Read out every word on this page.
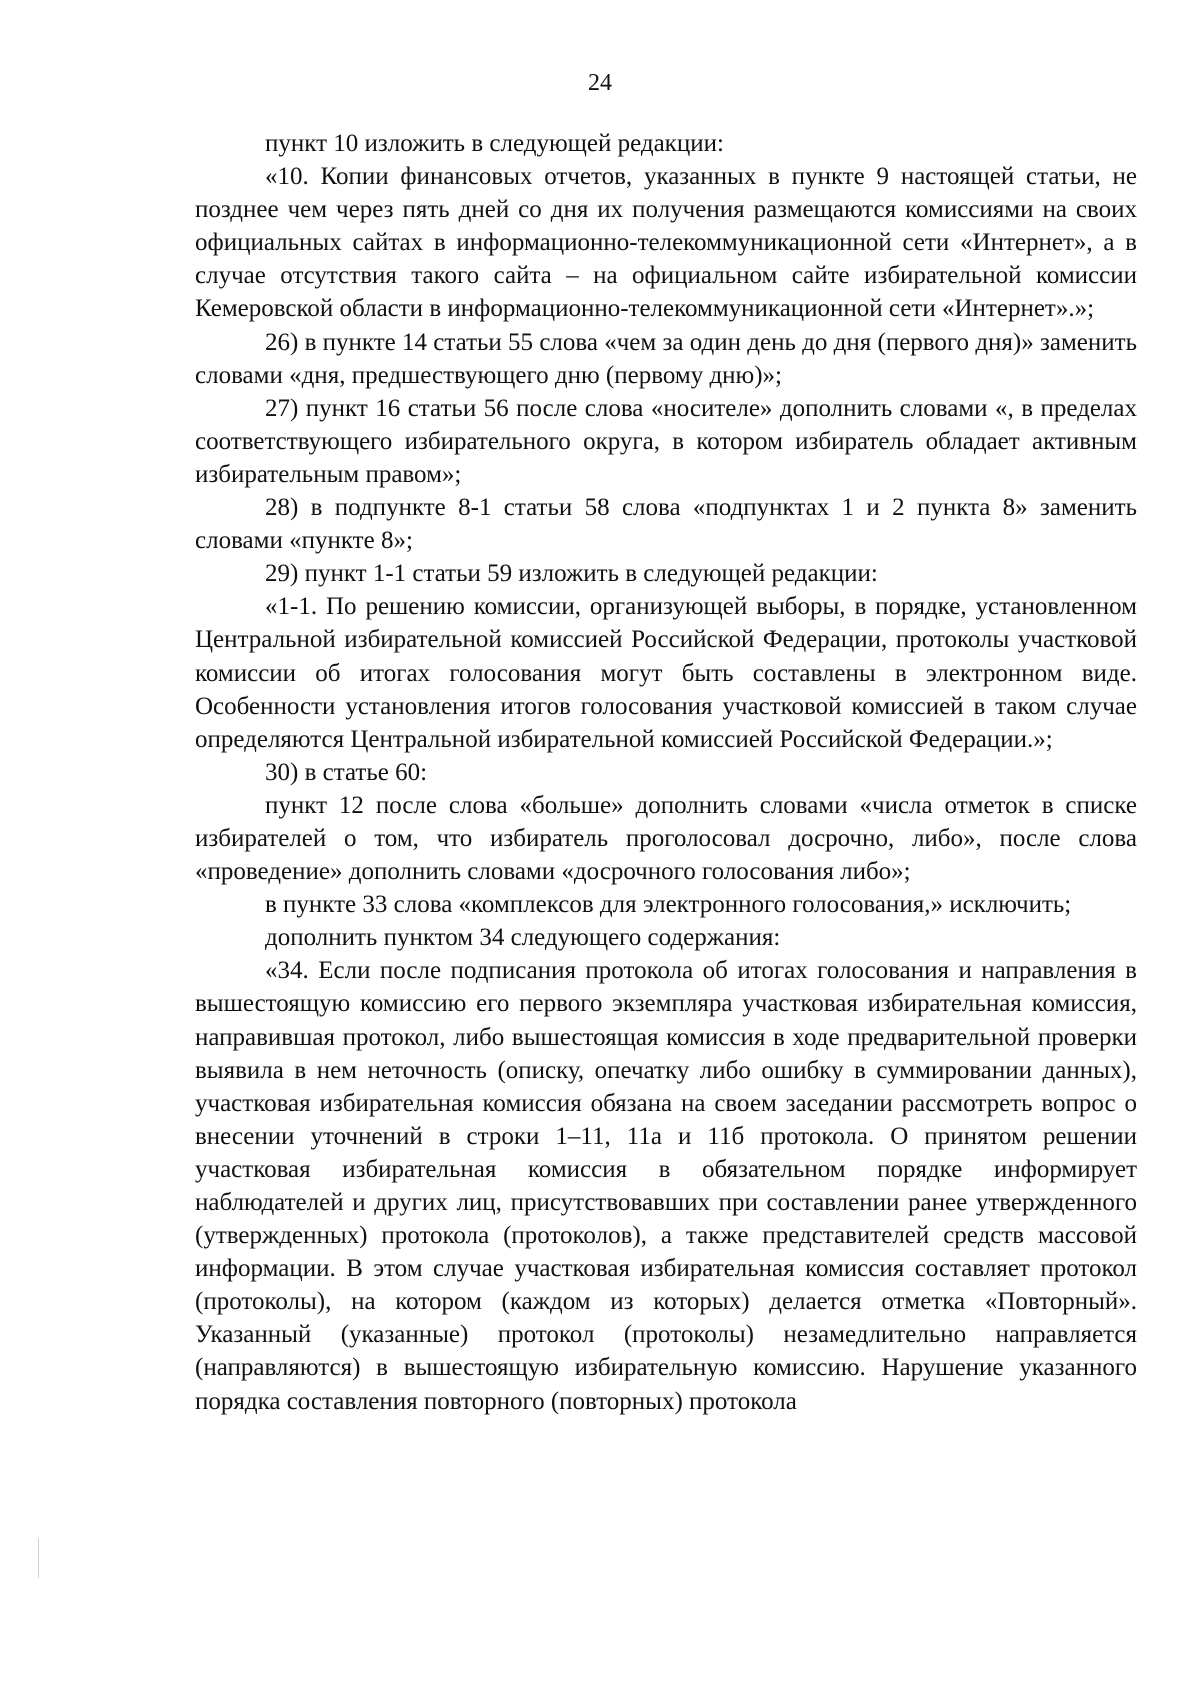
24

пункт 10 изложить в следующей редакции:

«10. Копии финансовых отчетов, указанных в пункте 9 настоящей статьи, не позднее чем через пять дней со дня их получения размещаются комиссиями на своих официальных сайтах в информационно-телекоммуникационной сети «Интернет», а в случае отсутствия такого сайта – на официальном сайте избирательной комиссии Кемеровской области в информационно-телекоммуникационной сети «Интернет».»;

26) в пункте 14 статьи 55 слова «чем за один день до дня (первого дня)» заменить словами «дня, предшествующего дню (первому дню)»;

27) пункт 16 статьи 56 после слова «носителе» дополнить словами «, в пределах соответствующего избирательного округа, в котором избиратель обладает активным избирательным правом»;

28) в подпункте 8-1 статьи 58 слова «подпунктах 1 и 2 пункта 8» заменить словами «пункте 8»;

29) пункт 1-1 статьи 59 изложить в следующей редакции:

«1-1. По решению комиссии, организующей выборы, в порядке, установленном Центральной избирательной комиссией Российской Федерации, протоколы участковой комиссии об итогах голосования могут быть составлены в электронном виде. Особенности установления итогов голосования участковой комиссией в таком случае определяются Центральной избирательной комиссией Российской Федерации.»;

30) в статье 60:

пункт 12 после слова «больше» дополнить словами «числа отметок в списке избирателей о том, что избиратель проголосовал досрочно, либо», после слова «проведение» дополнить словами «досрочного голосования либо»;

в пункте 33 слова «комплексов для электронного голосования,» исключить;

дополнить пунктом 34 следующего содержания:

«34. Если после подписания протокола об итогах голосования и направления в вышестоящую комиссию его первого экземпляра участковая избирательная комиссия, направившая протокол, либо вышестоящая комиссия в ходе предварительной проверки выявила в нем неточность (описку, опечатку либо ошибку в суммировании данных), участковая избирательная комиссия обязана на своем заседании рассмотреть вопрос о внесении уточнений в строки 1–11, 11а и 11б протокола. О принятом решении участковая избирательная комиссия в обязательном порядке информирует наблюдателей и других лиц, присутствовавших при составлении ранее утвержденного (утвержденных) протокола (протоколов), а также представителей средств массовой информации. В этом случае участковая избирательная комиссия составляет протокол (протоколы), на котором (каждом из которых) делается отметка «Повторный». Указанный (указанные) протокол (протоколы) незамедлительно направляется (направляются) в вышестоящую избирательную комиссию. Нарушение указанного порядка составления повторного (повторных) протокола
